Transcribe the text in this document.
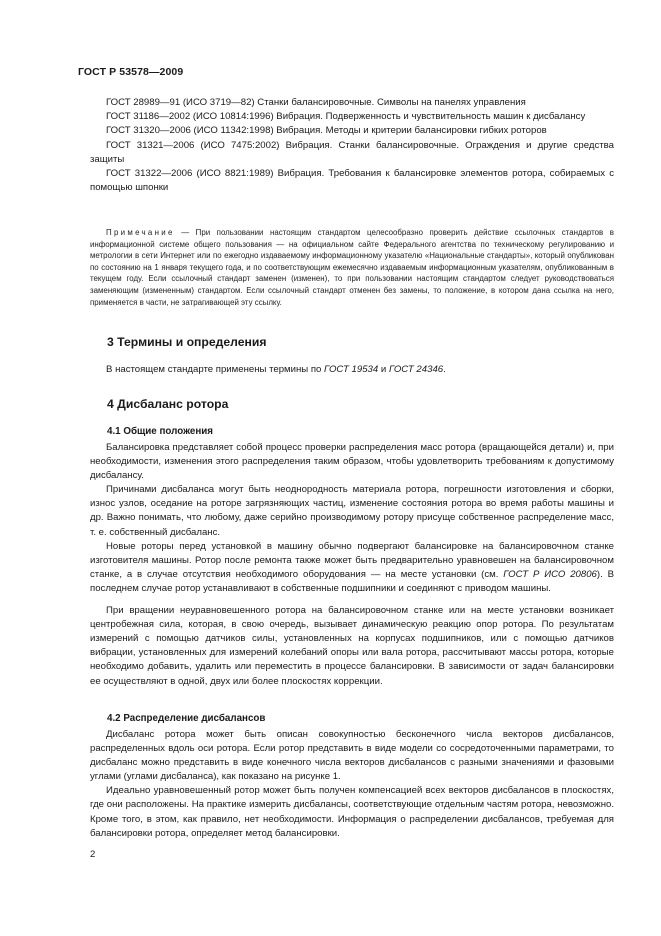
ГОСТ Р 53578—2009

ГОСТ 28989—91 (ИСО 3719—82) Станки балансировочные. Символы на панелях управления

ГОСТ 31186—2002 (ИСО 10814:1996) Вибрация. Подверженность и чувствительность машин к дисбалансу

ГОСТ 31320—2006 (ИСО 11342:1998) Вибрация. Методы и критерии балансировки гибких роторов

ГОСТ 31321—2006 (ИСО 7475:2002) Вибрация. Станки балансировочные. Ограждения и другие средства защиты

ГОСТ 31322—2006 (ИСО 8821:1989) Вибрация. Требования к балансировке элементов ротора, собираемых с помощью шпонки

Примечание — При пользовании настоящим стандартом целесообразно проверить действие ссылочных стандартов в информационной системе общего пользования — на официальном сайте Федерального агентства по техническому регулированию и метрологии в сети Интернет или по ежегодно издаваемому информационному указателю «Национальные стандарты», который опубликован по состоянию на 1 января текущего года, и по соответствующим ежемесячно издаваемым информационным указателям, опубликованным в текущем году. Если ссылочный стандарт заменен (изменен), то при пользовании настоящим стандартом следует руководствоваться заменяющим (измененным) стандартом. Если ссылочный стандарт отменен без замены, то положение, в котором дана ссылка на него, применяется в части, не затрагивающей эту ссылку.

3 Термины и определения

В настоящем стандарте применены термины по ГОСТ 19534 и ГОСТ 24346.

4 Дисбаланс ротора
4.1 Общие положения

Балансировка представляет собой процесс проверки распределения масс ротора (вращающейся детали) и, при необходимости, изменения этого распределения таким образом, чтобы удовлетворить требованиям к допустимому дисбалансу.

Причинами дисбаланса могут быть неоднородность материала ротора, погрешности изготовления и сборки, износ узлов, оседание на роторе загрязняющих частиц, изменение состояния ротора во время работы машины и др. Важно понимать, что любому, даже серийно производимому ротору присуще собственное распределение масс, т. е. собственный дисбаланс.

Новые роторы перед установкой в машину обычно подвергают балансировке на балансировочном станке изготовителя машины. Ротор после ремонта также может быть предварительно уравновешен на балансировочном станке, а в случае отсутствия необходимого оборудования — на месте установки (см. ГОСТ Р ИСО 20806). В последнем случае ротор устанавливают в собственные подшипники и соединяют с приводом машины.

При вращении неуравновешенного ротора на балансировочном станке или на месте установки возникает центробежная сила, которая, в свою очередь, вызывает динамическую реакцию опор ротора. По результатам измерений с помощью датчиков силы, установленных на корпусах подшипников, или с помощью датчиков вибрации, установленных для измерений колебаний опоры или вала ротора, рассчитывают массы ротора, которые необходимо добавить, удалить или переместить в процессе балансировки. В зависимости от задач балансировки ее осуществляют в одной, двух или более плоскостях коррекции.

4.2 Распределение дисбалансов

Дисбаланс ротора может быть описан совокупностью бесконечного числа векторов дисбалансов, распределенных вдоль оси ротора. Если ротор представить в виде модели со сосредоточенными параметрами, то дисбаланс можно представить в виде конечного числа векторов дисбалансов с разными значениями и фазовыми углами (углами дисбаланса), как показано на рисунке 1.

Идеально уравновешенный ротор может быть получен компенсацией всех векторов дисбалансов в плоскостях, где они расположены. На практике измерить дисбалансы, соответствующие отдельным частям ротора, невозможно. Кроме того, в этом, как правило, нет необходимости. Информация о распределении дисбалансов, требуемая для балансировки ротора, определяет метод балансировки.

2
